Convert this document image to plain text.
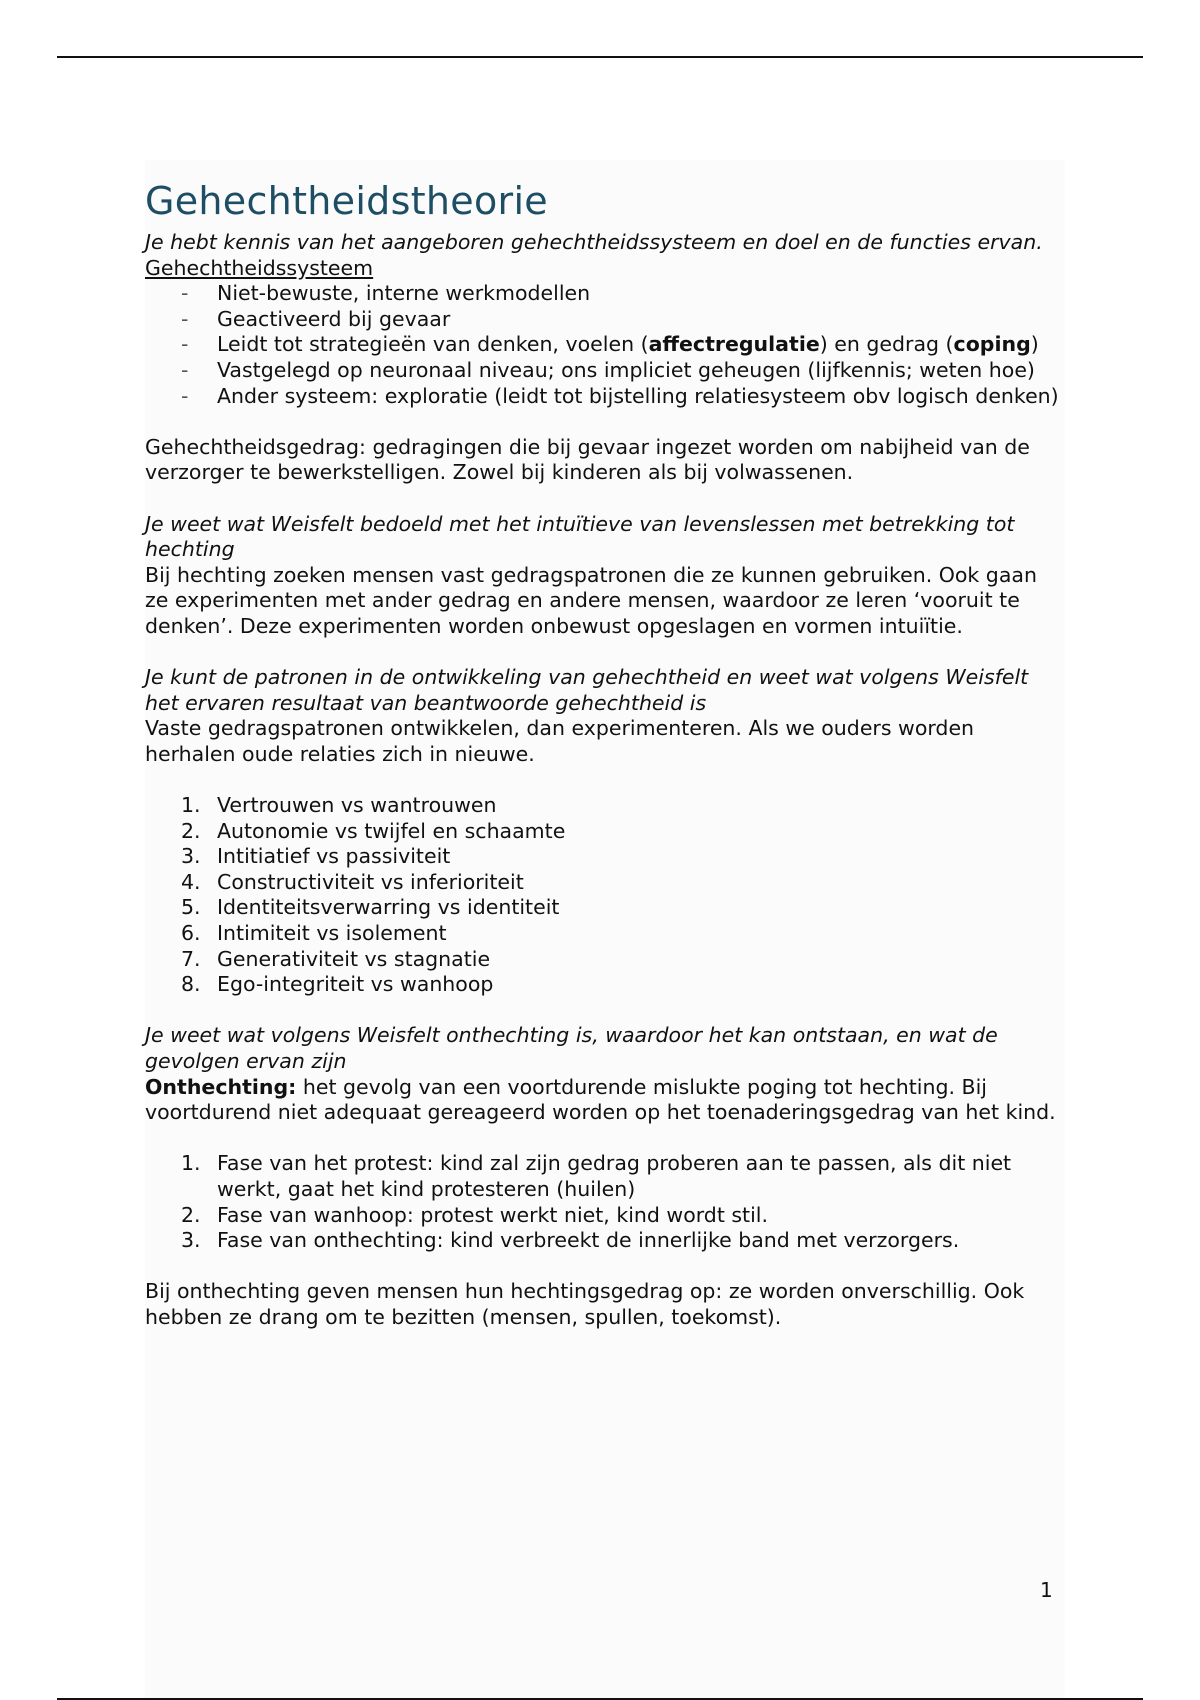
Gehechtheidstheorie

Je hebt kennis van het aangeboren gehechtheidssysteem en doel en de functies ervan.

Gehechtheidssysteem

- Niet-bewuste, interne werkmodellen
- Geactiveerd bij gevaar
- Leidt tot strategieën van denken, voelen (affectregulatie) en gedrag (coping)
- Vastgelegd op neuronaal niveau; ons impliciet geheugen (lijfkennis; weten hoe)
- Ander systeem: exploratie (leidt tot bijstelling relatiesysteem obv logisch denken)

Gehechtheidsgedrag: gedragingen die bij gevaar ingezet worden om nabijheid van de verzorger te bewerkstelligen. Zowel bij kinderen als bij volwassenen.

Je weet wat Weisfelt bedoeld met het intuïtieve van levenslessen met betrekking tot hechting

Bij hechting zoeken mensen vast gedragspatronen die ze kunnen gebruiken. Ook gaan ze experimenten met ander gedrag en andere mensen, waardoor ze leren ‘vooruit te denken’. Deze experimenten worden onbewust opgeslagen en vormen intuiïtie.

Je kunt de patronen in de ontwikkeling van gehechtheid en weet wat volgens Weisfelt het ervaren resultaat van beantwoorde gehechtheid is

Vaste gedragspatronen ontwikkelen, dan experimenteren. Als we ouders worden herhalen oude relaties zich in nieuwe.

1. Vertrouwen vs wantrouwen
2. Autonomie vs twijfel en schaamte
3. Intitiatief vs passiviteit
4. Constructiviteit vs inferioriteit
5. Identiteitsverwarring vs identiteit
6. Intimiteit vs isolement
7. Generativiteit vs stagnatie
8. Ego-integriteit vs wanhoop

Je weet wat volgens Weisfelt onthechting is, waardoor het kan ontstaan, en wat de gevolgen ervan zijn

Onthechting: het gevolg van een voortdurende mislukte poging tot hechting. Bij voortdurend niet adequaat gereageerd worden op het toenaderingsgedrag van het kind.

1. Fase van het protest: kind zal zijn gedrag proberen aan te passen, als dit niet werkt, gaat het kind protesteren (huilen)
2. Fase van wanhoop: protest werkt niet, kind wordt stil.
3. Fase van onthechting: kind verbreekt de innerlijke band met verzorgers.

Bij onthechting geven mensen hun hechtingsgedrag op: ze worden onverschillig. Ook hebben ze drang om te bezitten (mensen, spullen, toekomst).

1
